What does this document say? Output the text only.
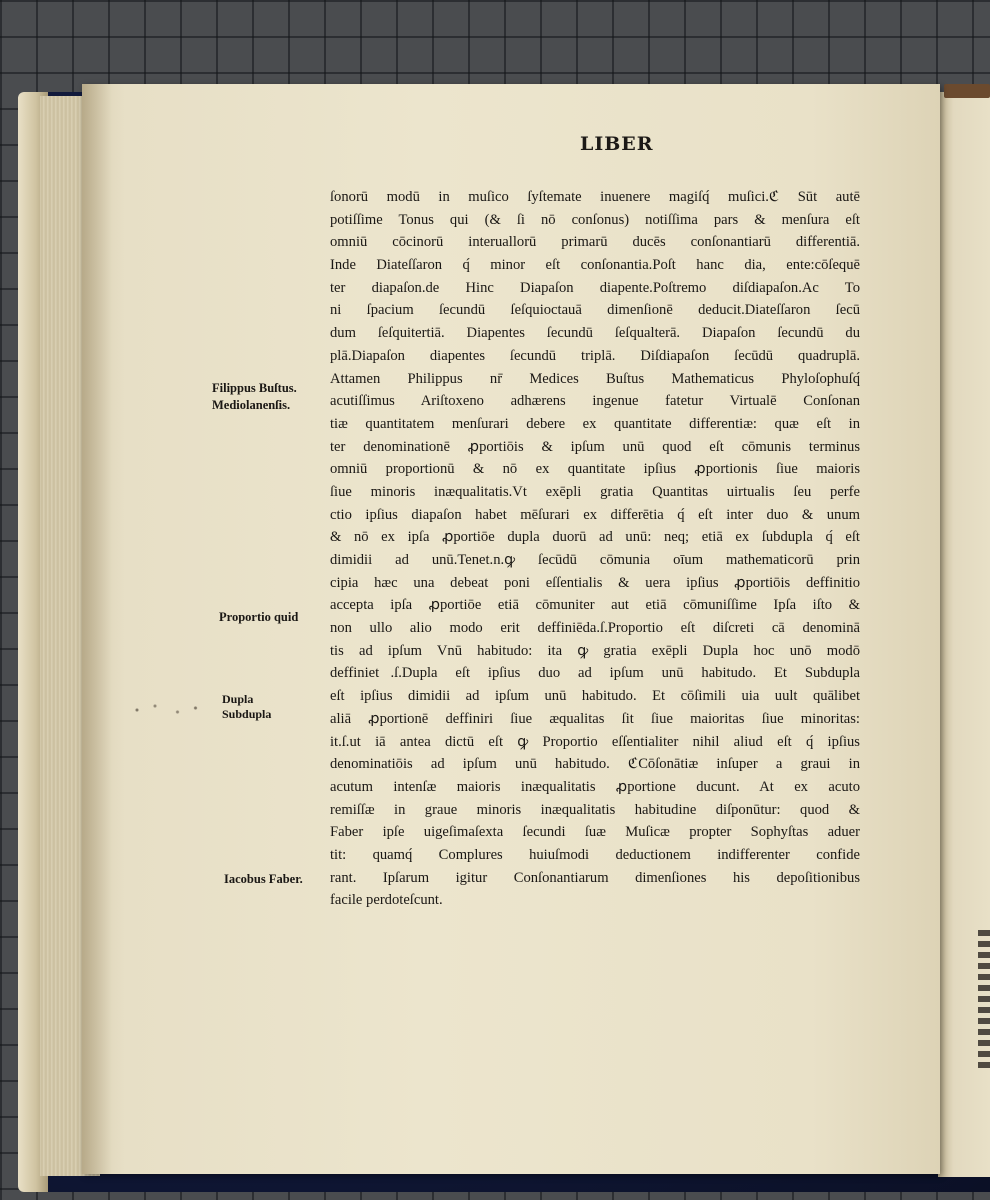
LIBER
Filippus Buſtus.
Mediolanenſis.
Proportio quidᷣ
Dupla
Subdupla
Iacobus Faber.
ſonorū modū in muſico ſyſtemate inuenere magiſq́ muſici.ℭ Sūt autē
potiſſime Tonus qui (& ſi nō conſonus) notiſſima pars & menſura eſt
omniū cōcinorū interuallorū primarū ducēs conſonantiarū differentiā.
Inde Diateſſaron q́ minor eſt conſonantia.Poſt hanc dia, ente:cōſequē
ter diapaſon.de Hinc Diapaſon diapente.Poſtremo diſdiapaſon.Ac To
ni ſpacium ſecundū ſeſquioctauā dimenſionē deducit.Diateſſaron ſecū
dum ſeſquitertiā. Diapentes ſecundū ſeſqualterā. Diapaſon ſecundū du
plā.Diapaſon diapentes ſecundū triplā. Diſdiapaſon ſecūdū quadruplā.
Attamen Philippus nr̄ Medices Buſtus Mathematicus Phyloſophuſq́
acutiſſimus Ariſtoxeno adhærens ingenue fatetur Virtualē Conſonan
tiæ quantitatem menſurari debere ex quantitate differentiæ: quæ eſt in
ter denominationē ꝓportiōis & ipſum unū quod eſt cōmunis terminus
omniū proportionū & nō ex quantitate ipſius ꝓportionis ſiue maioris
ſiue minoris inæqualitatis.Vt exēpli gratia Quantitas uirtualis ſeu perfe
ctio ipſius diapaſon habet mēſurari ex differētia q́ eſt inter duo & unum
& nō ex ipſa ꝓportiōe dupla duorū ad unū: neq; etiā ex ſubdupla q́ eſt
dimidii ad unū.Tenet.n.ꝙ ſecūdū cōmunia oīum mathematicorū prin
cipia hæc una debeat poni eſſentialis & uera ipſius ꝓportiōis deffinitio
accepta ipſa ꝓportiōe etiā cōmuniter aut etiā cōmuniſſime Ipſa iſto &
non ullo alio modo erit deffiniēda.ſ.Proportio eſt diſcreti cā denominā
tis ad ipſum Vnū habitudo: ita ꝙ gratia exēpli Dupla hoc unō modō
deffinietᷣ.ſ.Dupla eſt ipſius duo ad ipſum unū habitudo. Et Subdupla
eſt ipſius dimidii ad ipſum unū habitudo. Et cōſimili uia uult quālibet
aliā ꝓportionē deffiniri ſiue æqualitas ſit ſiue maioritas ſiue minoritas:
it.ſ.ut iā antea dictū eſt ꝙ Proportio eſſentialiter nihil aliud eſt q́ ipſius
denominatiōis ad ipſum unū habitudo. ℭCōſonātiæ inſuper a graui in
acutum intenſæ maioris inæqualitatis ꝓportione ducunt. At ex acuto
remiſſæ in graue minoris inæqualitatis habitudine diſponūtur: quod &
Faber ipſe uigeſimaſexta ſecundi ſuæ Muſicæ propter Sophyſtas aduer
tit: quamq́ Complures huiuſmodi deductionem indifferenter confide
rant. Ipſarum igitur Conſonantiarum dimenſiones his depoſitionibus
facile perdoteſcunt.
